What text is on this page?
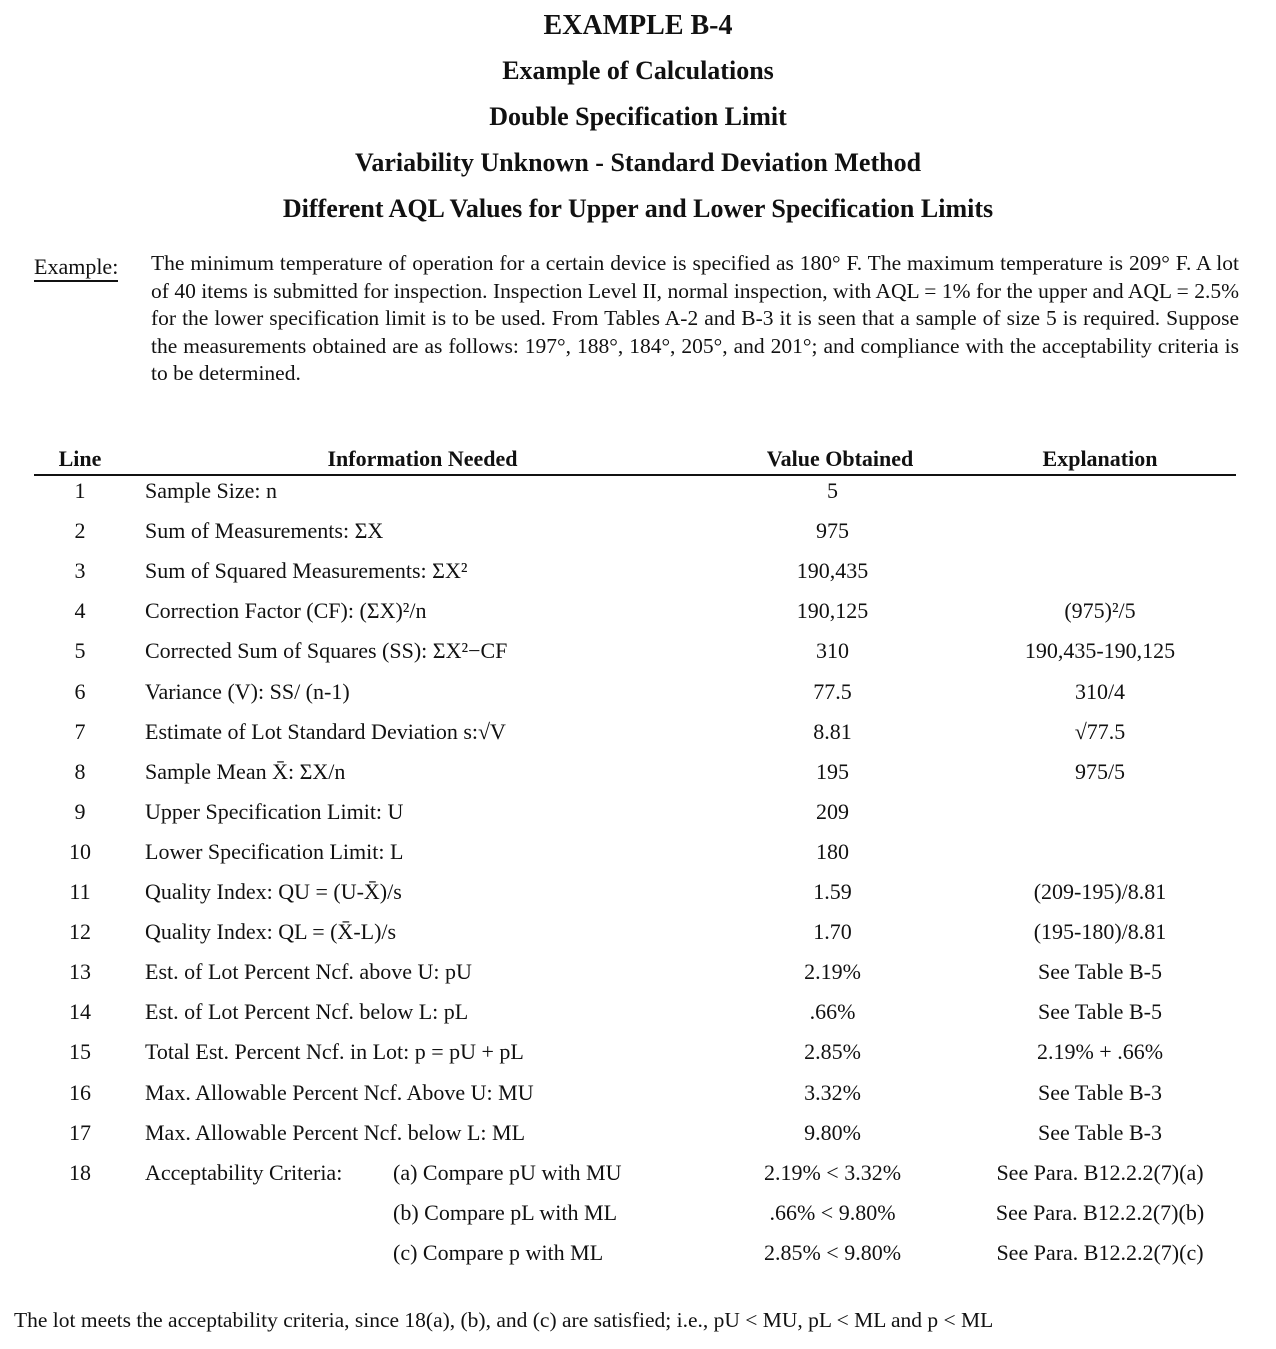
EXAMPLE B-4
Example of Calculations
Double Specification Limit
Variability Unknown - Standard Deviation Method
Different AQL Values for Upper and Lower Specification Limits
Example: The minimum temperature of operation for a certain device is specified as 180° F. The maximum temperature is 209° F. A lot of 40 items is submitted for inspection. Inspection Level II, normal inspection, with AQL = 1% for the upper and AQL = 2.5% for the lower specification limit is to be used. From Tables A-2 and B-3 it is seen that a sample of size 5 is required. Suppose the measurements obtained are as follows: 197°, 188°, 184°, 205°, and 201°; and compliance with the acceptability criteria is to be determined.
Line	Information Needed	Value Obtained	Explanation
1	Sample Size: n	5
2	Sum of Measurements: ΣX	975
3	Sum of Squared Measurements: ΣX²	190,435
4	Correction Factor (CF): (ΣX)²/n	190,125	(975)²/5
5	Corrected Sum of Squares (SS): ΣX²−CF	310	190,435-190,125
6	Variance (V): SS/ (n-1)	77.5	310/4
7	Estimate of Lot Standard Deviation s:√V	8.81	√77.5
8	Sample Mean X̄: ΣX/n	195	975/5
9	Upper Specification Limit: U	209
10	Lower Specification Limit: L	180
11	Quality Index: QU = (U-X̄)/s	1.59	(209-195)/8.81
12	Quality Index: QL = (X̄-L)/s	1.70	(195-180)/8.81
13	Est. of Lot Percent Ncf. above U: pU	2.19%	See Table B-5
14	Est. of Lot Percent Ncf. below L: pL	.66%	See Table B-5
15	Total Est. Percent Ncf. in Lot: p = pU + pL	2.85%	2.19% + .66%
16	Max. Allowable Percent Ncf. Above U: MU	3.32%	See Table B-3
17	Max. Allowable Percent Ncf. below L: ML	9.80%	See Table B-3
18	Acceptability Criteria: (a) Compare pU with MU	2.19% < 3.32%	See Para. B12.2.2(7)(a)
(b) Compare pL with ML	.66% < 9.80%	See Para. B12.2.2(7)(b)
(c) Compare p with ML	2.85% < 9.80%	See Para. B12.2.2(7)(c)
The lot meets the acceptability criteria, since 18(a), (b), and (c) are satisfied; i.e., pU < MU, pL < ML and p < ML
